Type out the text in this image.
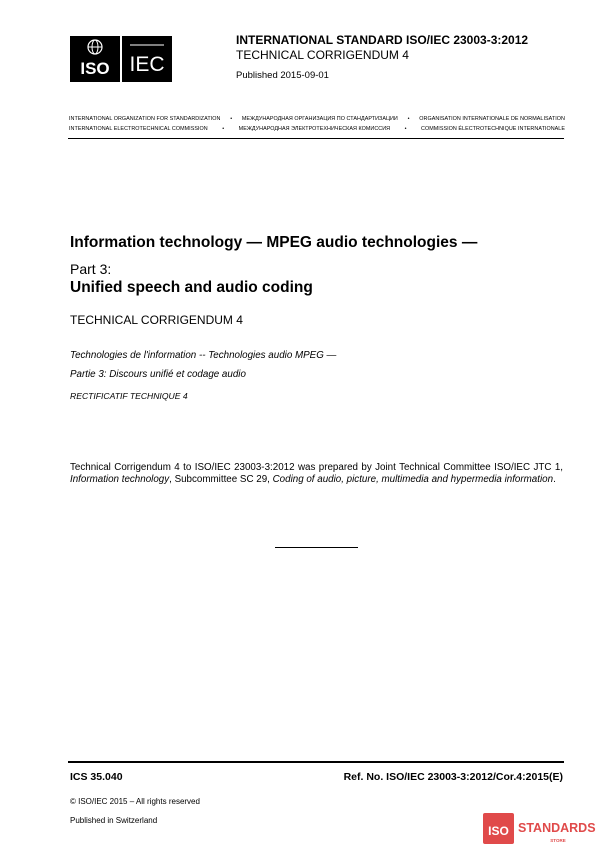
ISO IEC
INTERNATIONAL STANDARD ISO/IEC 23003-3:2012
TECHNICAL CORRIGENDUM 4
Published 2015-09-01
INTERNATIONAL ORGANIZATION FOR STANDARDIZATION	•	МЕЖДУНАРОДНАЯ ОРГАНИЗАЦИЯ ПО СТАНДАРТИЗАЦИИ	•	ORGANISATION INTERNATIONALE DE NORMALISATION
INTERNATIONAL ELECTROTECHNICAL COMMISSION	•	МЕЖДУНАРОДНАЯ ЭЛЕКТРОТЕХНИЧЕСКАЯ КОМИССИЯ	•	COMMISSION ÉLECTROTECHNIQUE INTERNATIONALE
Information technology — MPEG audio technologies —
Part 3:
Unified speech and audio coding
TECHNICAL CORRIGENDUM 4
Technologies de l'information -- Technologies audio MPEG —
Partie 3: Discours unifié et codage audio
RECTIFICATIF TECHNIQUE 4
Technical Corrigendum 4 to ISO/IEC 23003-3:2012 was prepared by Joint Technical Committee ISO/IEC JTC 1, Information technology, Subcommittee SC 29, Coding of audio, picture, multimedia and hypermedia information.
ICS 35.040	Ref. No. ISO/IEC 23003-3:2012/Cor.4:2015(E)
© ISO/IEC 2015 – All rights reserved
Published in Switzerland
ISO STANDARDS
STORE
